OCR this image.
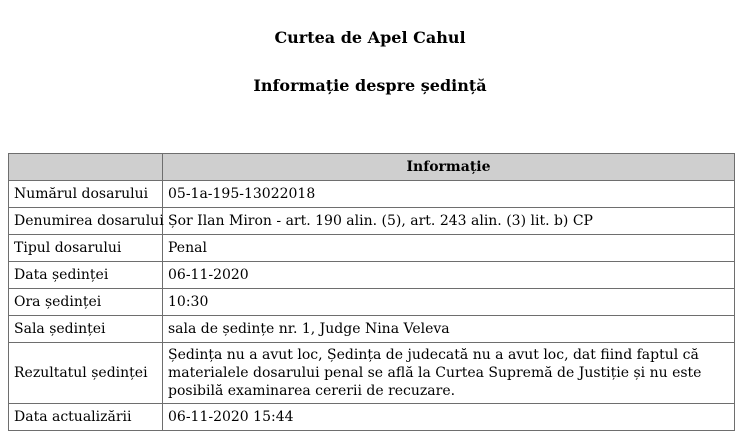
Curtea de Apel Cahul
Informație despre ședință
	Informație
Numărul dosarului	05-1a-195-13022018
Denumirea dosarului	Șor Ilan Miron - art. 190 alin. (5), art. 243 alin. (3) lit. b) CP
Tipul dosarului	Penal
Data ședinței	06-11-2020
Ora ședinței	10:30
Sala ședinței	sala de ședințe nr. 1, Judge Nina Veleva
Rezultatul ședinței	Ședința nu a avut loc, Ședința de judecată nu a avut loc, dat fiind faptul că materialele dosarului penal se află la Curtea Supremă de Justiție și nu este posibilă examinarea cererii de recuzare.
Data actualizării	06-11-2020 15:44
